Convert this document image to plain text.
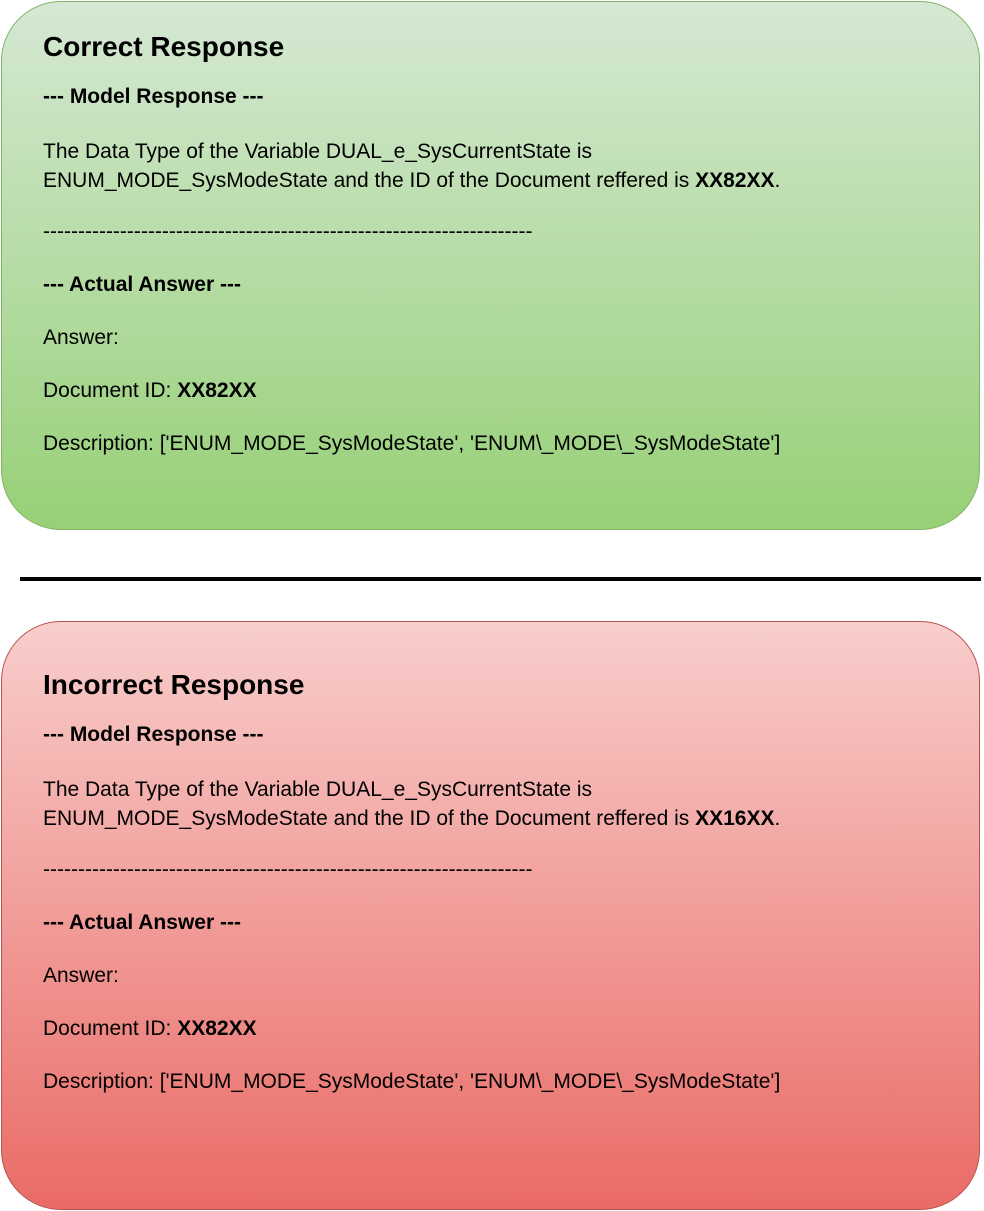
Correct Response
--- Model Response ---
The Data Type of the Variable DUAL_e_SysCurrentState is
ENUM_MODE_SysModeState and the ID of the Document reffered is XX82XX.
----------------------------------------------------------------------
--- Actual Answer ---
Answer:
Document ID: XX82XX
Description: ['ENUM_MODE_SysModeState', 'ENUM\_MODE\_SysModeState']
Incorrect Response
--- Model Response ---
The Data Type of the Variable DUAL_e_SysCurrentState is
ENUM_MODE_SysModeState and the ID of the Document reffered is XX16XX.
----------------------------------------------------------------------
--- Actual Answer ---
Answer:
Document ID: XX82XX
Description: ['ENUM_MODE_SysModeState', 'ENUM\_MODE\_SysModeState']
